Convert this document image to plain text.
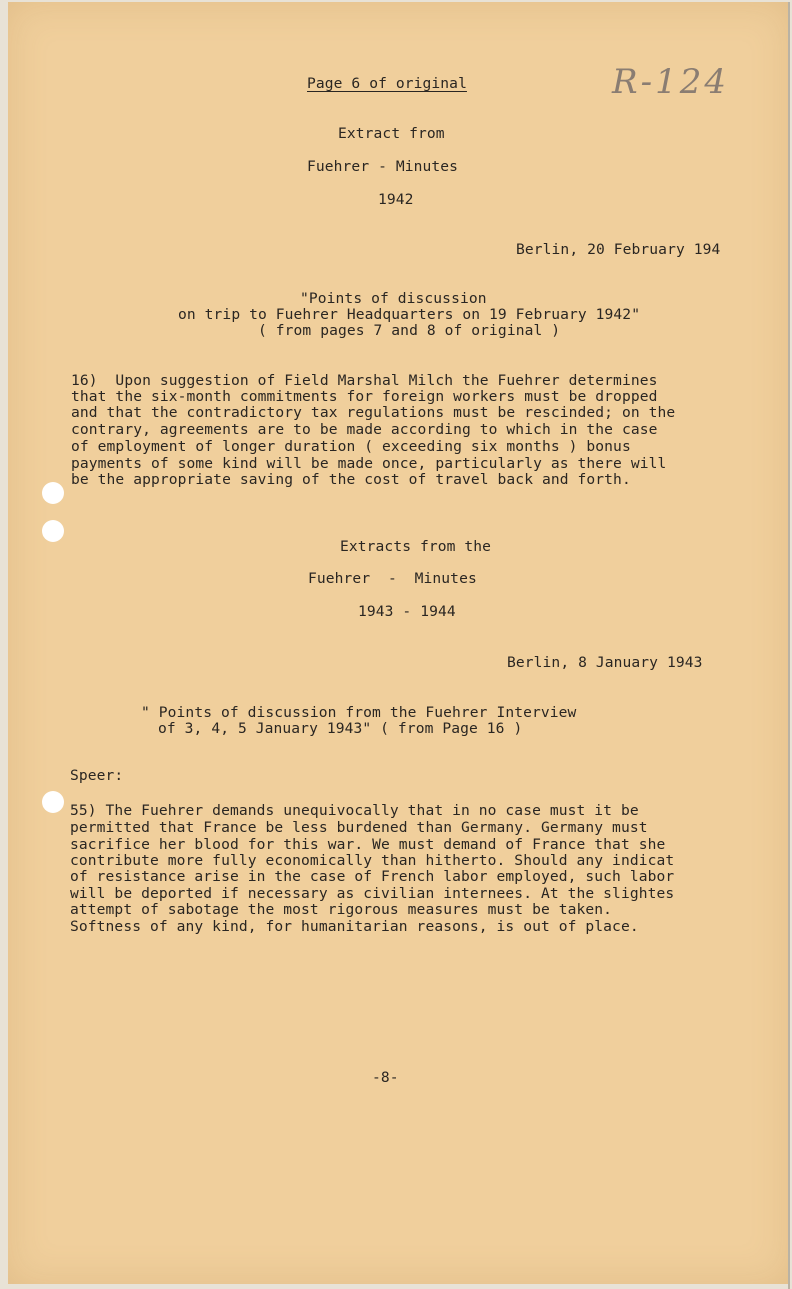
Page 6 of original	R-124
Extract from
Fuehrer - Minutes
1942
Berlin, 20 February 194
"Points of discussion
on trip to Fuehrer Headquarters on 19 February 1942"
( from pages 7 and 8 of original )
16)  Upon suggestion of Field Marshal Milch the Fuehrer determines
that the six-month commitments for foreign workers must be dropped
and that the contradictory tax regulations must be rescinded; on the
contrary, agreements are to be made according to which in the case
of employment of longer duration ( exceeding six months ) bonus
payments of some kind will be made once, particularly as there will
be the appropriate saving of the cost of travel back and forth.
Extracts from the
Fuehrer  -  Minutes
1943 - 1944
Berlin, 8 January 1943
" Points of discussion from the Fuehrer Interview
of 3, 4, 5 January 1943" ( from Page 16 )
Speer:
55) The Fuehrer demands unequivocally that in no case must it be
permitted that France be less burdened than Germany. Germany must
sacrifice her blood for this war. We must demand of France that she
contribute more fully economically than hitherto. Should any indicat
of resistance arise in the case of French labor employed, such labor
will be deported if necessary as civilian internees. At the slightes
attempt of sabotage the most rigorous measures must be taken.
Softness of any kind, for humanitarian reasons, is out of place.
-8-
